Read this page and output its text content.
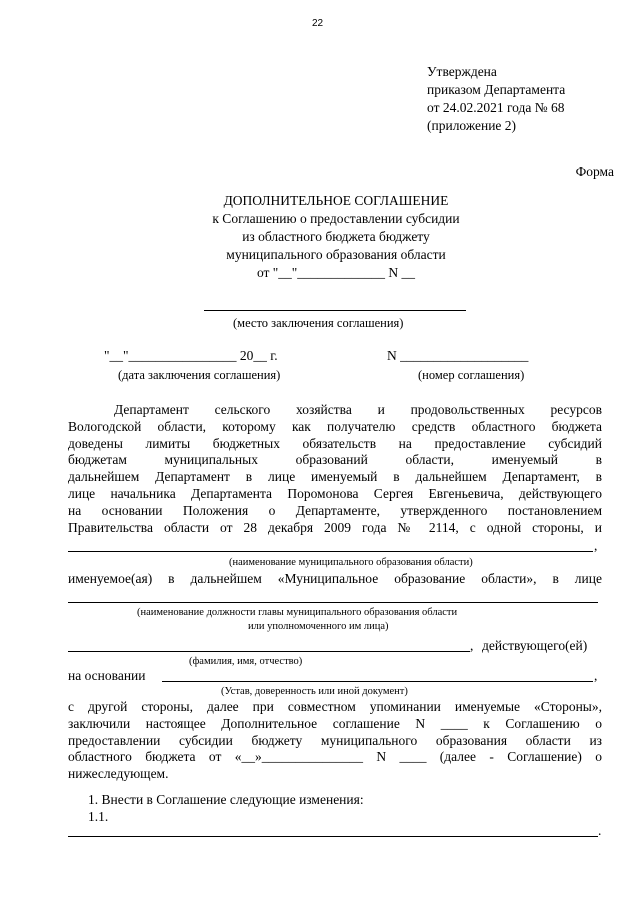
22
Утверждена
приказом Департамента
от 24.02.2021 года № 68
(приложение 2)
Форма
ДОПОЛНИТЕЛЬНОЕ СОГЛАШЕНИЕ
к Соглашению о предоставлении субсидии
из областного бюджета бюджету
муниципального образования области
от "__"_____________ N __
(место заключения соглашения)
"__"________________ 20__ г.	N ___________________
(дата заключения соглашения)	(номер соглашения)
Департамент сельского хозяйства и продовольственных ресурсов
Вологодской области, которому как получателю средств областного бюджета
доведены лимиты бюджетных обязательств на предоставление субсидий
бюджетам муниципальных образований области, именуемый в
дальнейшем Департамент в лице именуемый в дальнейшем Департамент, в
лице начальника Департамента Поромонова Сергея Евгеньевича, действующего
на основании Положения о Департаменте, утвержденного постановлением
Правительства области от 28 декабря 2009 года № 2114, с одной стороны, и
,
(наименование муниципального образования области)
именуемое(ая) в дальнейшем «Муниципальное образование области», в лице
(наименование должности главы муниципального образования области
или уполномоченного им лица)
, действующего(ей)
(фамилия, имя, отчество)
на основании	,
(Устав, доверенность или иной документ)
с другой стороны, далее при совместном упоминании именуемые «Стороны»,
заключили настоящее Дополнительное соглашение N ____ к Соглашению о
предоставлении субсидии бюджету муниципального образования области из
областного бюджета от «__»_______________ N ____ (далее - Соглашение) о
нижеследующем.
1. Внести в Соглашение следующие изменения:
1.1.
.
